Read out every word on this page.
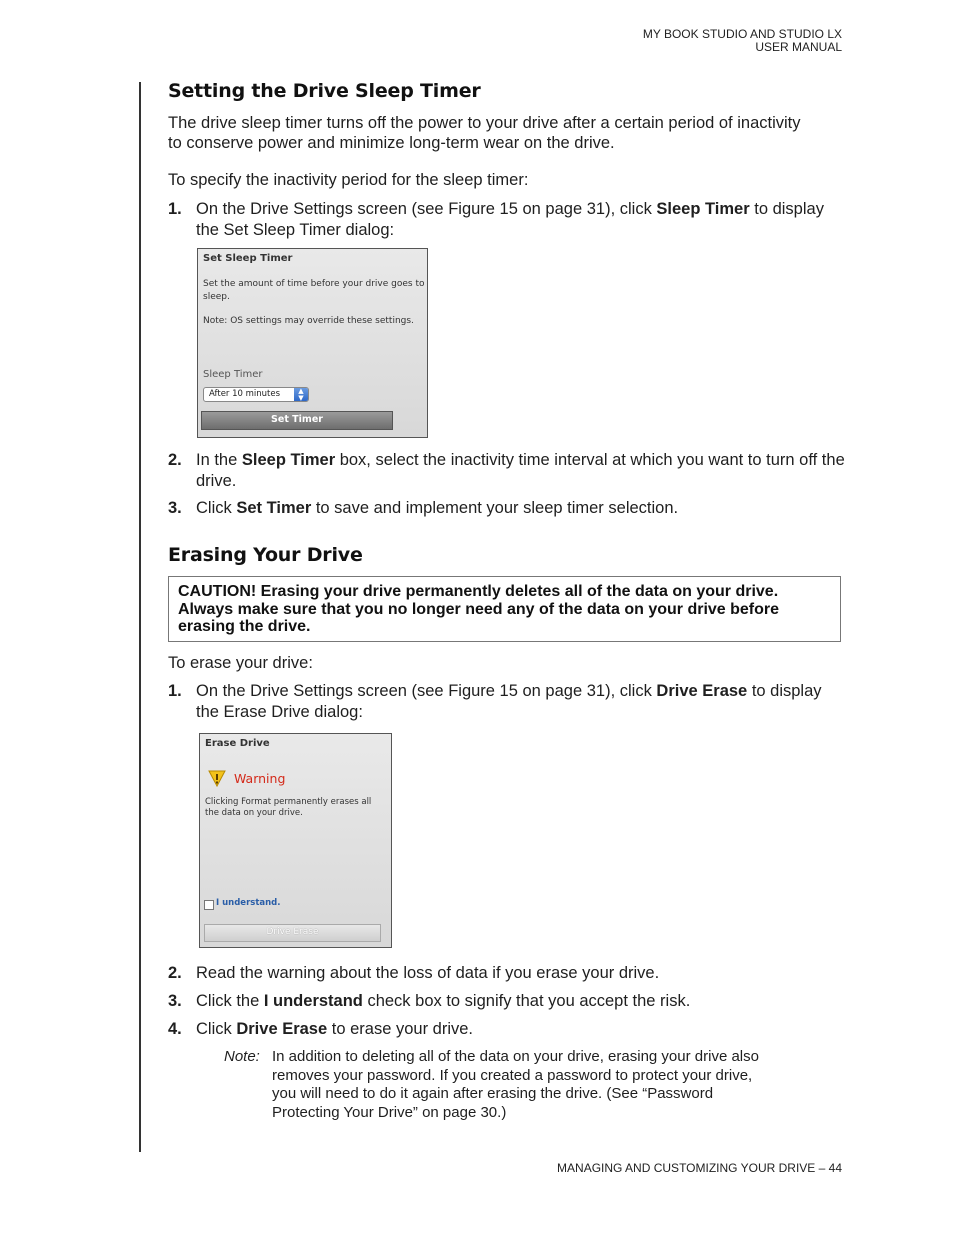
MY BOOK STUDIO AND STUDIO LX
USER MANUAL
Setting the Drive Sleep Timer
The drive sleep timer turns off the power to your drive after a certain period of inactivity
to conserve power and minimize long-term wear on the drive.
To specify the inactivity period for the sleep timer:
1. On the Drive Settings screen (see Figure 15 on page 31), click Sleep Timer to display the Set Sleep Timer dialog:
Set Sleep Timer
Set the amount of time before your drive goes to
sleep.
Note: OS settings may override these settings.
Sleep Timer
After 10 minutes	▲
▼
Set Timer
2. In the Sleep Timer box, select the inactivity time interval at which you want to turn off the drive.
3. Click Set Timer to save and implement your sleep timer selection.
Erasing Your Drive
CAUTION! Erasing your drive permanently deletes all of the data on your drive.
Always make sure that you no longer need any of the data on your drive before
erasing the drive.
To erase your drive:
1. On the Drive Settings screen (see Figure 15 on page 31), click Drive Erase to display the Erase Drive dialog:
Erase Drive
Warning
Clicking Format permanently erases all
the data on your drive.
I understand.
Drive Erase
2. Read the warning about the loss of data if you erase your drive.
3. Click the I understand check box to signify that you accept the risk.
4. Click Drive Erase to erase your drive.
Note: In addition to deleting all of the data on your drive, erasing your drive also
removes your password. If you created a password to protect your drive,
you will need to do it again after erasing the drive. (See “Password
Protecting Your Drive” on page 30.)
MANAGING AND CUSTOMIZING YOUR DRIVE – 44
